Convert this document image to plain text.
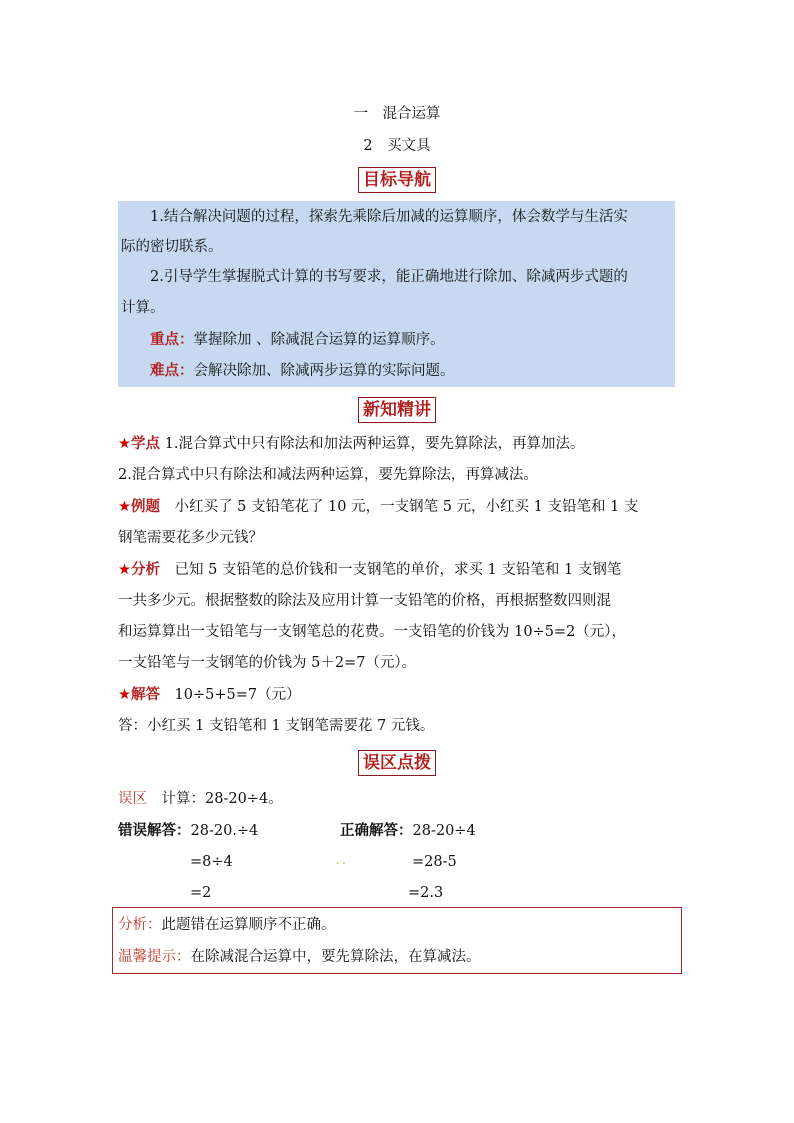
一　混合运算
2　买文具
目标导航
1.结合解决问题的过程，探索先乘除后加减的运算顺序，体会数学与生活实
际的密切联系。
2.引导学生掌握脱式计算的书写要求，能正确地进行除加、除减两步式题的
计算。
重点：掌握除加 、除减混合运算的运算顺序。
难点：会解决除加、除减两步运算的实际问题。
新知精讲
★学点 1.混合算式中只有除法和加法两种运算，要先算除法，再算加法。
2.混合算式中只有除法和减法两种运算，要先算除法，再算减法。
★例题　小红买了 5 支铅笔花了 10 元，一支钢笔 5 元，小红买 1 支铅笔和 1 支
钢笔需要花多少元钱？
★分析　已知 5 支铅笔的总价钱和一支钢笔的单价，求买 1 支铅笔和 1 支钢笔
一共多少元。根据整数的除法及应用计算一支铅笔的价格，再根据整数四则混
和运算算出一支铅笔与一支钢笔总的花费。一支铅笔的价钱为 10÷5=2（元），
一支铅笔与一支钢笔的价钱为 5＋2=7（元）。
★解答　10÷5+5=7（元）
答：小红买 1 支铅笔和 1 支钢笔需要花 7 元钱。
误区点拨
误区　计算：28-20÷4。
错误解答：28-20.÷4	正确解答：28-20÷4
=8÷4	. .	=28-5
=2	=2.3
分析：此题错在运算顺序不正确。
温馨提示：在除减混合运算中，要先算除法，在算减法。
